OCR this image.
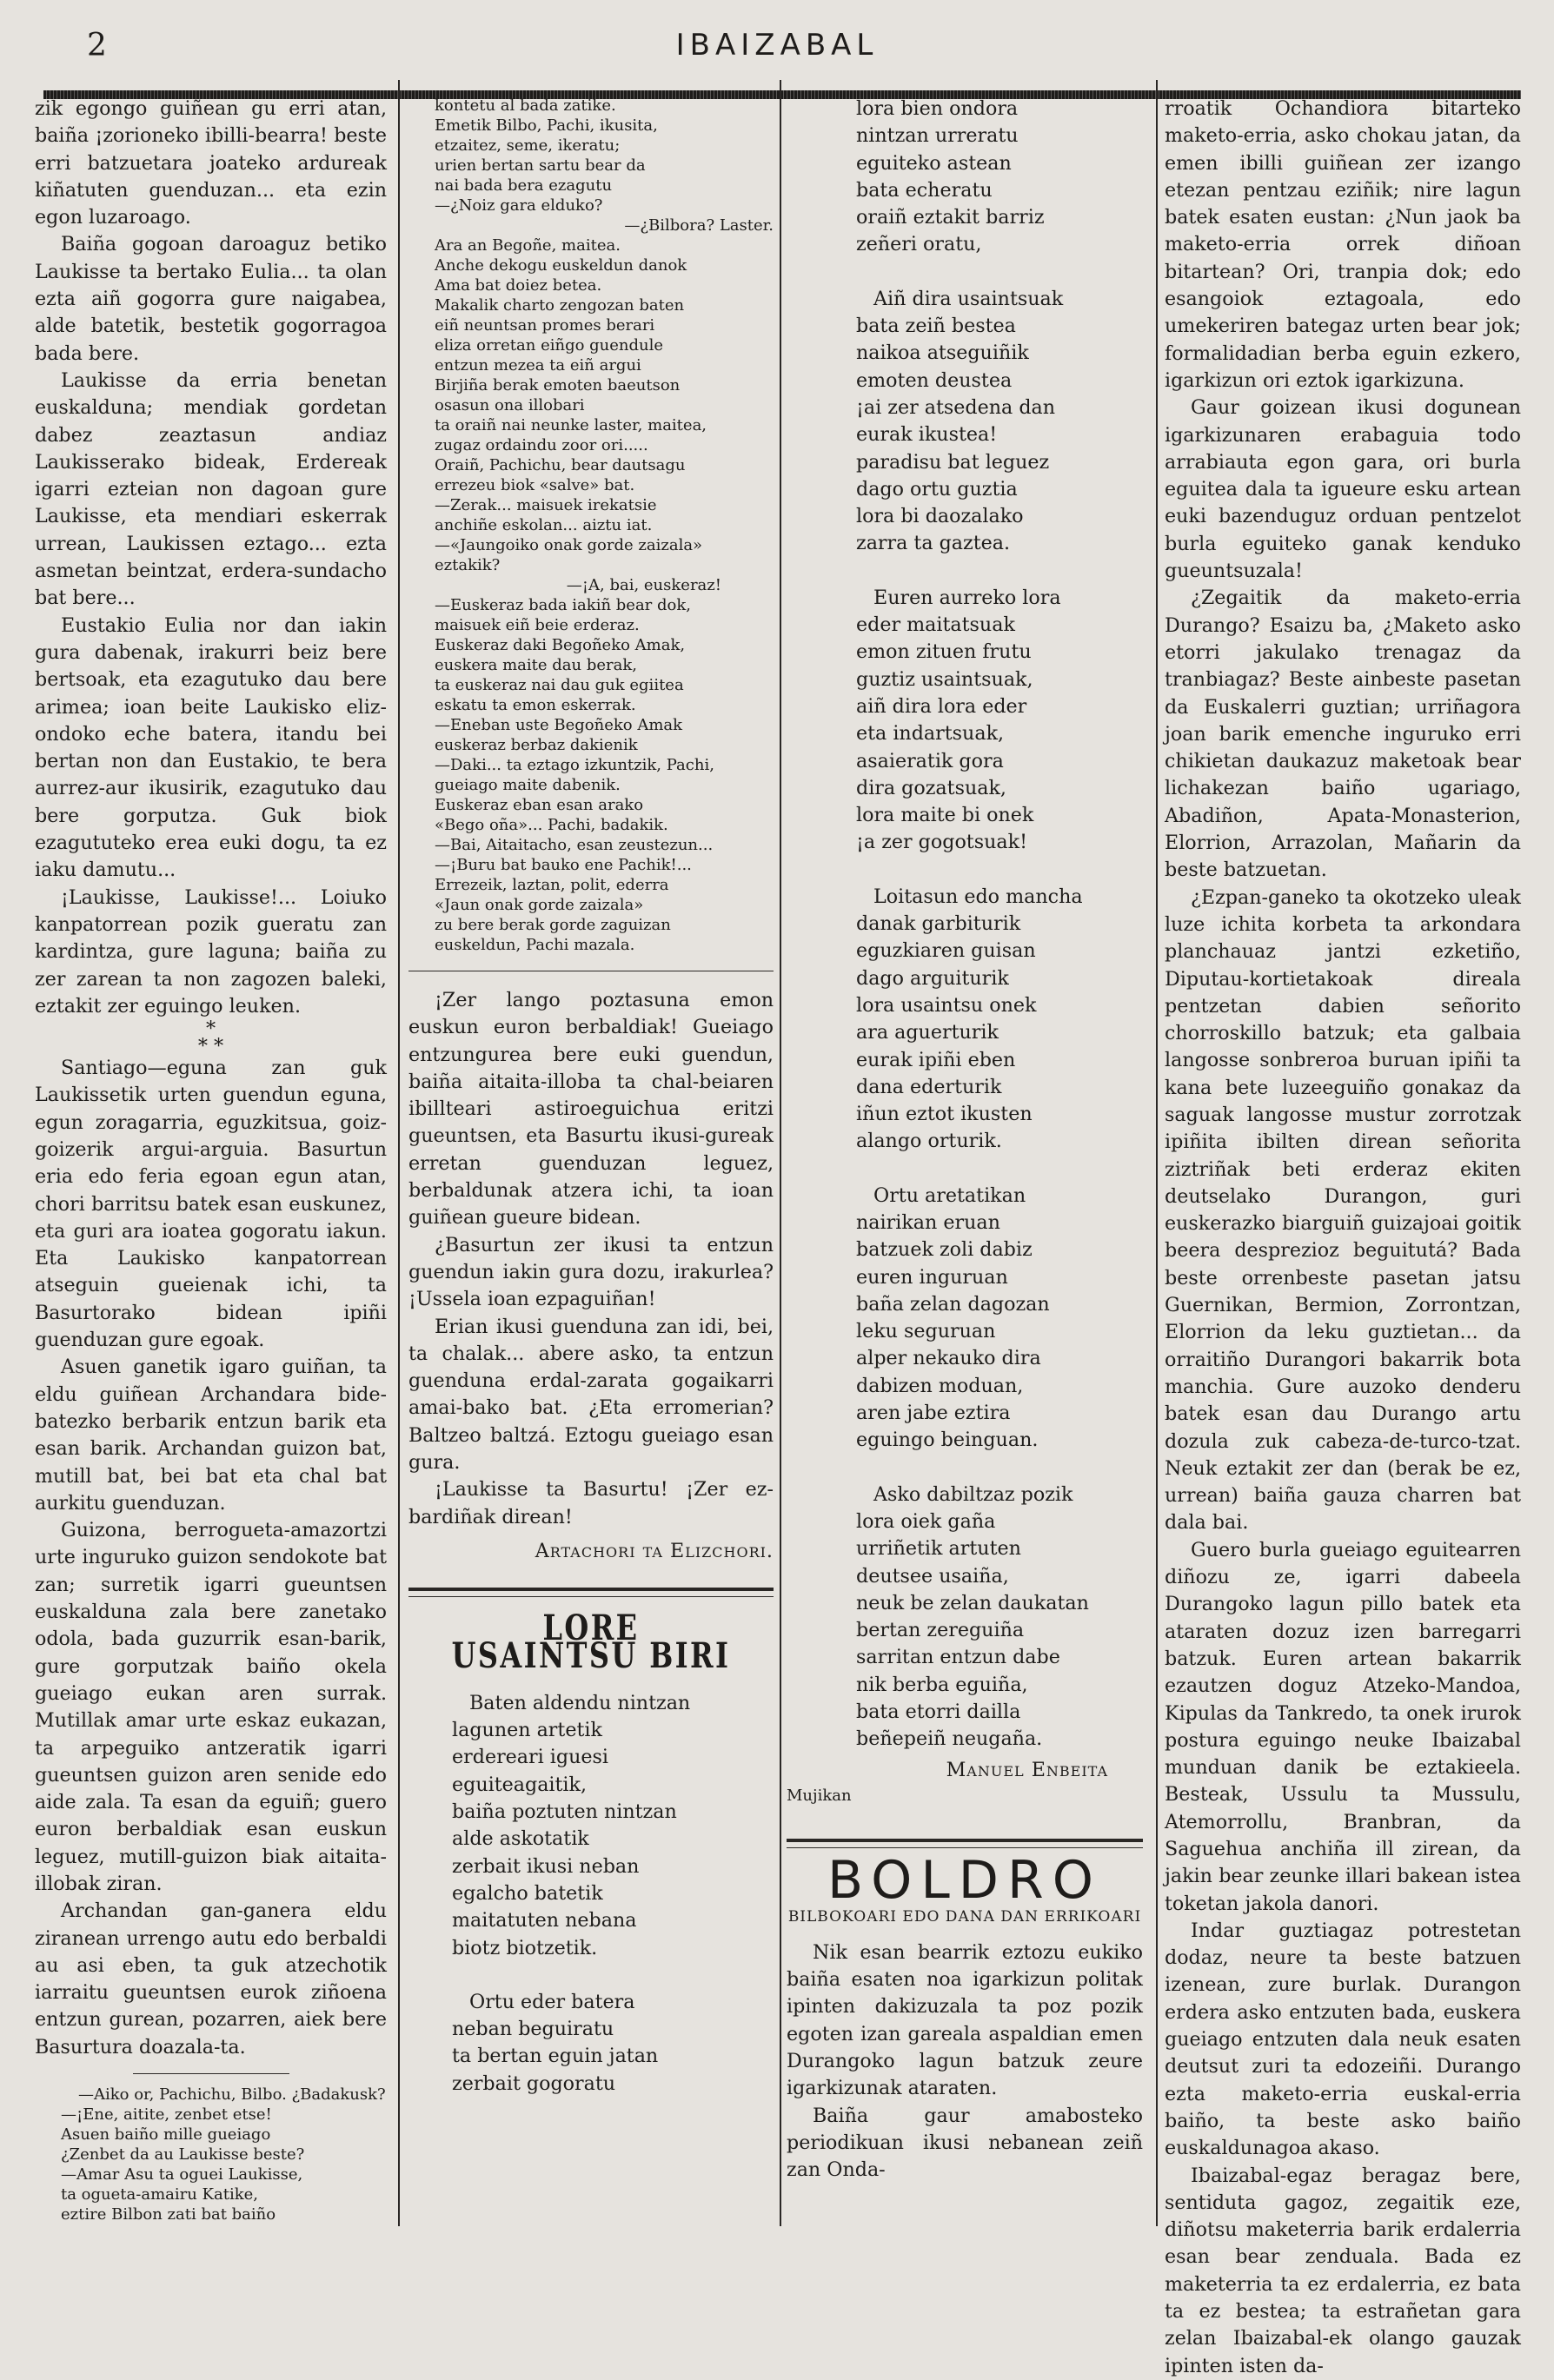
2	IBAIZABAL

zik egongo guiñean gu erri atan, baiña ¡zorioneko ibilli-bearra! beste erri batzuetara joateko ardureak kiñatuten guenduzan... eta ezin egon luzaroago.

Baiña gogoan daroaguz betiko Laukisse ta bertako Eulia... ta olan ezta aiñ gogorra gure naigabea, alde batetik, bestetik gogorragoa bada bere.

Laukisse da erria benetan euskalduna; mendiak gordetan dabez zeaztasun andiaz Laukisserako bideak, Erdereak igarri ezteian non dagoan gure Laukisse, eta mendiari eskerrak urrean, Laukissen eztago... ezta asmetan beintzat, erdera-sundacho bat bere...

Eustakio Eulia nor dan iakin gura dabenak, irakurri beiz bere bertsoak, eta ezagutuko dau bere arimea; ioan beite Laukisko eliz-ondoko eche batera, itandu bei bertan non dan Eustakio, te bera aurrez-aur ikusirik, ezagutuko dau bere gorputza. Guk biok ezagututeko erea euki dogu, ta ez iaku damutu...

¡Laukisse, Laukisse!... Loiuko kanpatorrean pozik gueratu zan kardintza, gure laguna; baiña zu zer zarean ta non zagozen baleki, eztakit zer eguingo leuken.

*
* *

Santiago—eguna zan guk Laukissetik urten guendun eguna, egun zoragarria, eguzkitsua, goiz-goizerik argui-arguia. Basurtun eria edo feria egoan egun atan, chori barritsu batek esan euskunez, eta guri ara ioatea gogoratu iakun. Eta Laukisko kanpatorrean atseguin gueienak ichi, ta Basurtorako bidean ipiñi guenduzan gure egoak.

Asuen ganetik igaro guiñan, ta eldu guiñean Archandara bide-batezko berbarik entzun barik eta esan barik. Archandan guizon bat, mutill bat, bei bat eta chal bat aurkitu guenduzan.

Guizona, berrogueta-amazortzi urte inguruko guizon sendokote bat zan; surretik igarri gueuntsen euskalduna zala bere zanetako odola, bada guzurrik esan-barik, gure gorputzak baiño okela gueiago eukan aren surrak. Mutillak amar urte eskaz eukazan, ta arpeguiko antzeratik igarri gueuntsen guizon aren senide edo aide zala. Ta esan da eguiñ; guero euron berbaldiak esan euskun leguez, mutill-guizon biak aitaita-illobak ziran.

Archandan gan-ganera eldu ziranean urrengo autu edo berbaldi au asi eben, ta guk atzechotik iarraitu gueuntsen eurok ziñoena entzun gurean, pozarren, aiek bere Basurtura doazala-ta.

—Aiko or, Pachichu, Bilbo. ¿Badakusk?

—¡Ene, aitite, zenbet etse!

Asuen baiño mille gueiago

¿Zenbet da au Laukisse beste?

—Amar Asu ta oguei Laukisse,

ta ogueta-amairu Katike,

eztire Bilbon zati bat baiño

kontetu al bada zatike.

Emetik Bilbo, Pachi, ikusita,

etzaitez, seme, ikeratu;

urien bertan sartu bear da

nai bada bera ezagutu

—¿Noiz gara elduko?

—¿Bilbora? Laster.

Ara an Begoñe, maitea.

Anche dekogu euskeldun danok

Ama bat doiez betea.

Makalik charto zengozan baten

eiñ neuntsan promes berari

eliza orretan eiñgo guendule

entzun mezea ta eiñ argui

Birjiña berak emoten baeutson

osasun ona illobari

ta oraiñ nai neunke laster, maitea,

zugaz ordaindu zoor ori.....

Oraiñ, Pachichu, bear dautsagu

errezeu biok «salve» bat.

—Zerak... maisuek irekatsie

anchiñe eskolan... aiztu iat.

—«Jaungoiko onak gorde zaizala»

eztakik?

—¡A, bai, euskeraz!

—Euskeraz bada iakiñ bear dok,

maisuek eiñ beie erderaz.

Euskeraz daki Begoñeko Amak,

euskera maite dau berak,

ta euskeraz nai dau guk egiitea

eskatu ta emon eskerrak.

—Eneban uste Begoñeko Amak

euskeraz berbaz dakienik

—Daki... ta eztago izkuntzik, Pachi,

gueiago maite dabenik.

Euskeraz eban esan arako

«Bego oña»... Pachi, badakik.

—Bai, Aitaitacho, esan zeustezun...

—¡Buru bat bauko ene Pachik!...

Errezeik, laztan, polit, ederra

«Jaun onak gorde zaizala»

zu bere berak gorde zaguizan

euskeldun, Pachi mazala.

¡Zer lango poztasuna emon euskun euron berbaldiak! Gueiago entzungurea bere euki guendun, baiña aitaita-illoba ta chal-beiaren ibillteari astiroeguichua eritzi gueuntsen, eta Basurtu ikusi-gureak erretan guenduzan leguez, berbaldunak atzera ichi, ta ioan guiñean gueure bidean.

¿Basurtun zer ikusi ta entzun guendun iakin gura dozu, irakurlea? ¡Ussela ioan ezpaguiñan!

Erian ikusi guenduna zan idi, bei, ta chalak... abere asko, ta entzun guenduna erdal-zarata gogaikarri amai-bako bat. ¿Eta erromerian? Baltzeo baltzá. Eztogu gueiago esan gura.

¡Laukisse ta Basurtu! ¡Zer ez-bardiñak direan!

Artachori ta Elizchori.
LORE USAINTSU BIRI
Baten aldendu nintzan
lagunen artetik
erdereari iguesi
eguiteagaitik,
baiña poztuten nintzan
alde askotatik
zerbait ikusi neban
egalcho batetik
maitatuten nebana
biotz biotzetik.
Ortu eder batera
neban beguiratu
ta bertan eguin jatan
zerbait gogoratu
lora bien ondora
nintzan urreratu
eguiteko astean
bata echeratu
oraiñ eztakit barriz
zeñeri oratu,
Aiñ dira usaintsuak
bata zeiñ bestea
naikoa atseguiñik
emoten deustea
¡ai zer atsedena dan
eurak ikustea!
paradisu bat leguez
dago ortu guztia
lora bi daozalako
zarra ta gaztea.
Euren aurreko lora
eder maitatsuak
emon zituen frutu
guztiz usaintsuak,
aiñ dira lora eder
eta indartsuak,
asaieratik gora
dira gozatsuak,
lora maite bi onek
¡a zer gogotsuak!
Loitasun edo mancha
danak garbiturik
eguzkiaren guisan
dago arguiturik
lora usaintsu onek
ara aguerturik
eurak ipiñi eben
dana ederturik
iñun eztot ikusten
alango orturik.
Ortu aretatikan
nairikan eruan
batzuek zoli dabiz
euren inguruan
baña zelan dagozan
leku seguruan
alper nekauko dira
dabizen moduan,
aren jabe eztira
eguingo beinguan.
Asko dabiltzaz pozik
lora oiek gaña
urriñetik artuten
deutsee usaiña,
neuk be zelan daukatan
bertan zereguiña
sarritan entzun dabe
nik berba eguiña,
bata etorri dailla
beñepeiñ neugaña.
Manuel Enbeita
Mujikan
BOLDRO
BILBOKOARI EDO DANA DAN ERRIKOARI

Nik esan bearrik eztozu eukiko baiña esaten noa igarkizun politak ipinten dakizuzala ta poz pozik egoten izan gareala aspaldian emen Durangoko lagun batzuk zeure igarkizunak ataraten.

Baiña gaur amabosteko periodikuan ikusi nebanean zeiñ zan Onda-

rroatik Ochandiora bitarteko maketo-erria, asko chokau jatan, da emen ibilli guiñean zer izango etezan pentzau eziñik; nire lagun batek esaten eustan: ¿Nun jaok ba maketo-erria orrek diñoan bitartean? Ori, tranpia dok; edo esangoiok eztagoala, edo umekeriren bategaz urten bear jok; formalidadian berba eguin ezkero, igarkizun ori eztok igarkizuna.

Gaur goizean ikusi dogunean igarkizunaren erabaguia todo arrabiauta egon gara, ori burla eguitea dala ta igueure esku artean euki bazenduguz orduan pentzelot burla eguiteko ganak kenduko gueuntsuzala!

¿Zegaitik da maketo-erria Durango? Esaizu ba, ¿Maketo asko etorri jakulako trenagaz da tranbiagaz? Beste ainbeste pasetan da Euskalerri guztian; urriñagora joan barik emenche inguruko erri chikietan daukazuz maketoak bear lichakezan baiño ugariago, Abadiñon, Apata-Monasterion, Elorrion, Arrazolan, Mañarin da beste batzuetan.

¿Ezpan-ganeko ta okotzeko uleak luze ichita korbeta ta arkondara planchauaz jantzi ezketiño, Diputau-kortietakoak direala pentzetan dabien señorito chorroskillo batzuk; eta galbaia langosse sonbreroa buruan ipiñi ta kana bete luzeeguiño gonakaz da saguak langosse mustur zorrotzak ipiñita ibilten direan señorita ziztriñak beti erderaz ekiten deutselako Durangon, guri euskerazko biarguiñ guizajoai goitik beera desprezioz beguitutá? Bada beste orrenbeste pasetan jatsu Guernikan, Bermion, Zorrontzan, Elorrion da leku guztietan... da orraitiño Durangori bakarrik bota manchia. Gure auzoko denderu batek esan dau Durango artu dozula zuk cabeza-de-turco-tzat. Neuk eztakit zer dan (berak be ez, urrean) baiña gauza charren bat dala bai.

Guero burla gueiago eguitearren diñozu ze, igarri dabeela Durangoko lagun pillo batek eta ataraten dozuz izen barregarri batzuk. Euren artean bakarrik ezautzen doguz Atzeko-Mandoa, Kipulas da Tankredo, ta onek irurok postura eguingo neuke Ibaizabal munduan danik be eztakieela. Besteak, Ussulu ta Mussulu, Atemorrollu, Branbran, da Saguehua anchiña ill zirean, da jakin bear zeunke illari bakean istea toketan jakola danori.

Indar guztiagaz potrestetan dodaz, neure ta beste batzuen izenean, zure burlak. Durangon erdera asko entzuten bada, euskera gueiago entzuten dala neuk esaten deutsut zuri ta edozeiñi. Durango ezta maketo-erria euskal-erria baiño, ta beste asko baiño euskaldunagoa akaso.

Ibaizabal-egaz beragaz bere, sentiduta gagoz, zegaitik eze, diñotsu maketerria barik erdalerria esan bear zenduala. Bada ez maketerria ta ez erdalerria, ez bata ta ez bestea; ta estrañetan gara zelan Ibaizabal-ek olango gauzak ipinten isten da-
